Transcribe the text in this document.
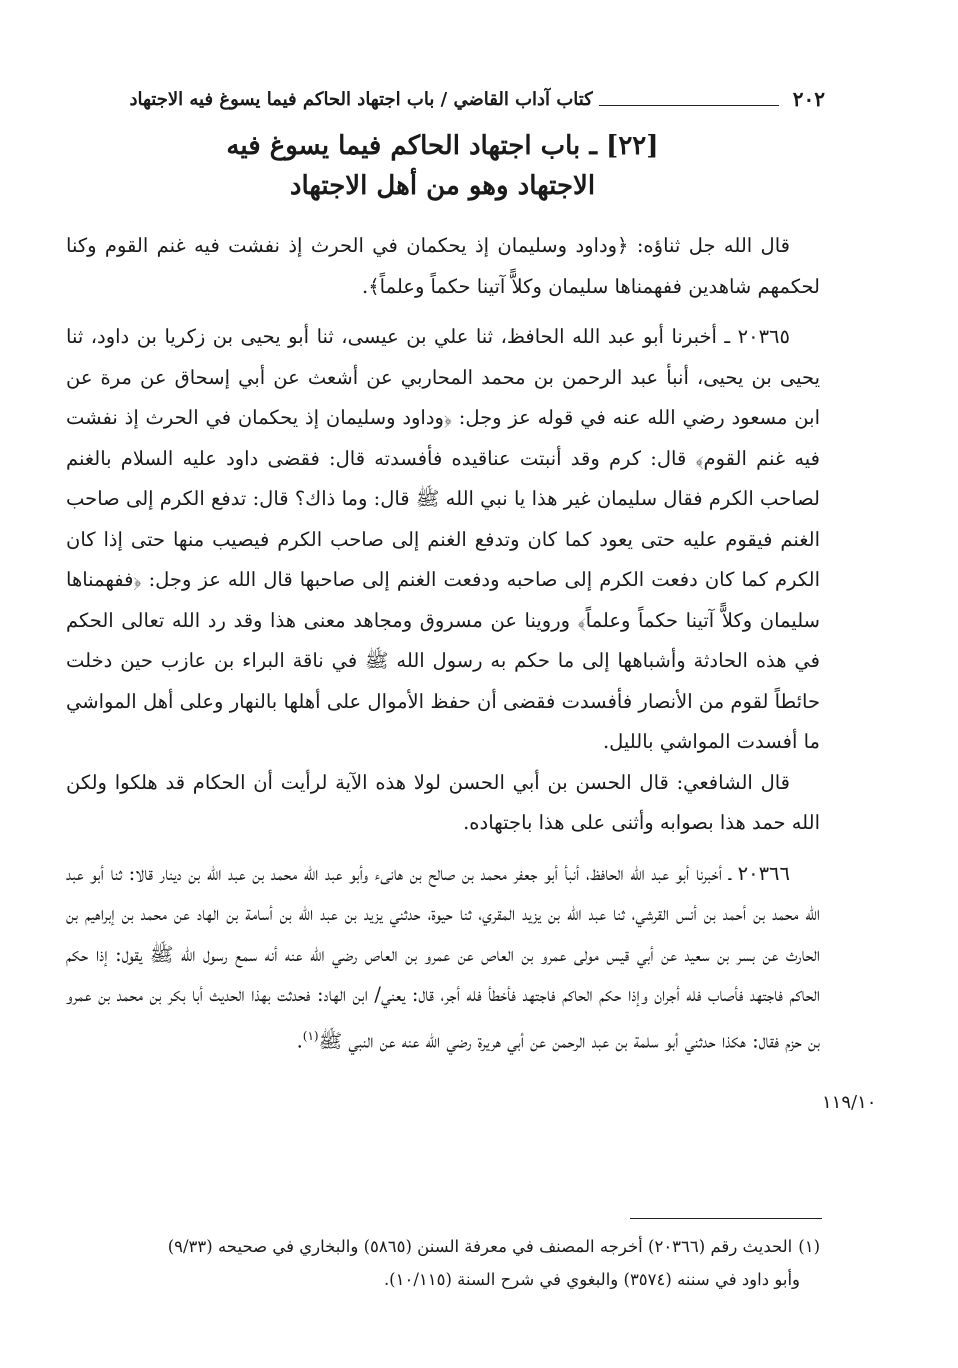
٢٠٢
كتاب آداب القاضي / باب اجتهاد الحاكم فيما يسوغ فيه الاجتهاد
[٢٢] ـ باب اجتهاد الحاكم فيما يسوغ فيه
الاجتهاد وهو من أهل الاجتهاد

قال الله جل ثناؤه: ﴿وداود وسليمان إذ يحكمان في الحرث إذ نفشت فيه غنم القوم وكنا لحكمهم شاهدين ففهمناها سليمان وكلاًّ آتينا حكماً وعلماً﴾.

٢٠٣٦٥ ـ أخبرنا أبو عبد الله الحافظ، ثنا علي بن عيسى، ثنا أبو يحيى بن زكريا بن داود، ثنا يحيى بن يحيى، أنبأ عبد الرحمن بن محمد المحاربي عن أشعث عن أبي إسحاق عن مرة عن ابن مسعود رضي الله عنه في قوله عز وجل: ﴿وداود وسليمان إذ يحكمان في الحرث إذ نفشت فيه غنم القوم﴾ قال: كرم وقد أنبتت عناقيده فأفسدته قال: فقضى داود عليه السلام بالغنم لصاحب الكرم فقال سليمان غير هذا يا نبي الله ﷺ قال: وما ذاك؟ قال: تدفع الكرم إلى صاحب الغنم فيقوم عليه حتى يعود كما كان وتدفع الغنم إلى صاحب الكرم فيصيب منها حتى إذا كان الكرم كما كان دفعت الكرم إلى صاحبه ودفعت الغنم إلى صاحبها قال الله عز وجل: ﴿ففهمناها سليمان وكلاًّ آتينا حكماً وعلماً﴾ وروينا عن مسروق ومجاهد معنى هذا وقد رد الله تعالى الحكم في هذه الحادثة وأشباهها إلى ما حكم به رسول الله ﷺ في ناقة البراء بن عازب حين دخلت حائطاً لقوم من الأنصار فأفسدت فقضى أن حفظ الأموال على أهلها بالنهار وعلى أهل المواشي ما أفسدت المواشي بالليل.

قال الشافعي: قال الحسن بن أبي الحسن لولا هذه الآية لرأيت أن الحكام قد هلكوا ولكن الله حمد هذا بصوابه وأثنى على هذا باجتهاده.

٢٠٣٦٦ ـ أخبرنا أبو عبد الله الحافظ، أنبأ أبو جعفر محمد بن صالح بن هانىء وأبو عبد الله محمد بن عبد الله بن دينار قالا: ثنا أبو عبد الله محمد بن أحمد بن أنس القرشي، ثنا عبد الله بن يزيد المقري، ثنا حيوة، حدثني يزيد بن عبد الله بن أسامة بن الهاد عن محمد بن إبراهيم بن الحارث عن بسر بن سعيد عن أبي قيس مولى عمرو بن العاص عن عمرو بن العاص رضي الله عنه أنه سمع رسول الله ﷺ يقول: إذا حكم الحاكم فاجتهد فأصاب فله أجران وإذا حكم الحاكم فاجتهد فأخطأ فله أجر، قال: يعني/ ابن الهاد: فحدثت بهذا الحديث أبا بكر بن محمد بن عمرو بن حزم فقال: هكذا حدثني أبو سلمة بن عبد الرحمن عن أبي هريرة رضي الله عنه عن النبي ﷺ$^{(١)}$.

١١٩/١٠

(١)الحديث رقم (٢٠٣٦٦) أخرجه المصنف في معرفة السنن (٥٨٦٥) والبخاري في صحيحه (٩/٣٣)

وأبو داود في سننه (٣٥٧٤) والبغوي في شرح السنة (١٠/١١٥).
